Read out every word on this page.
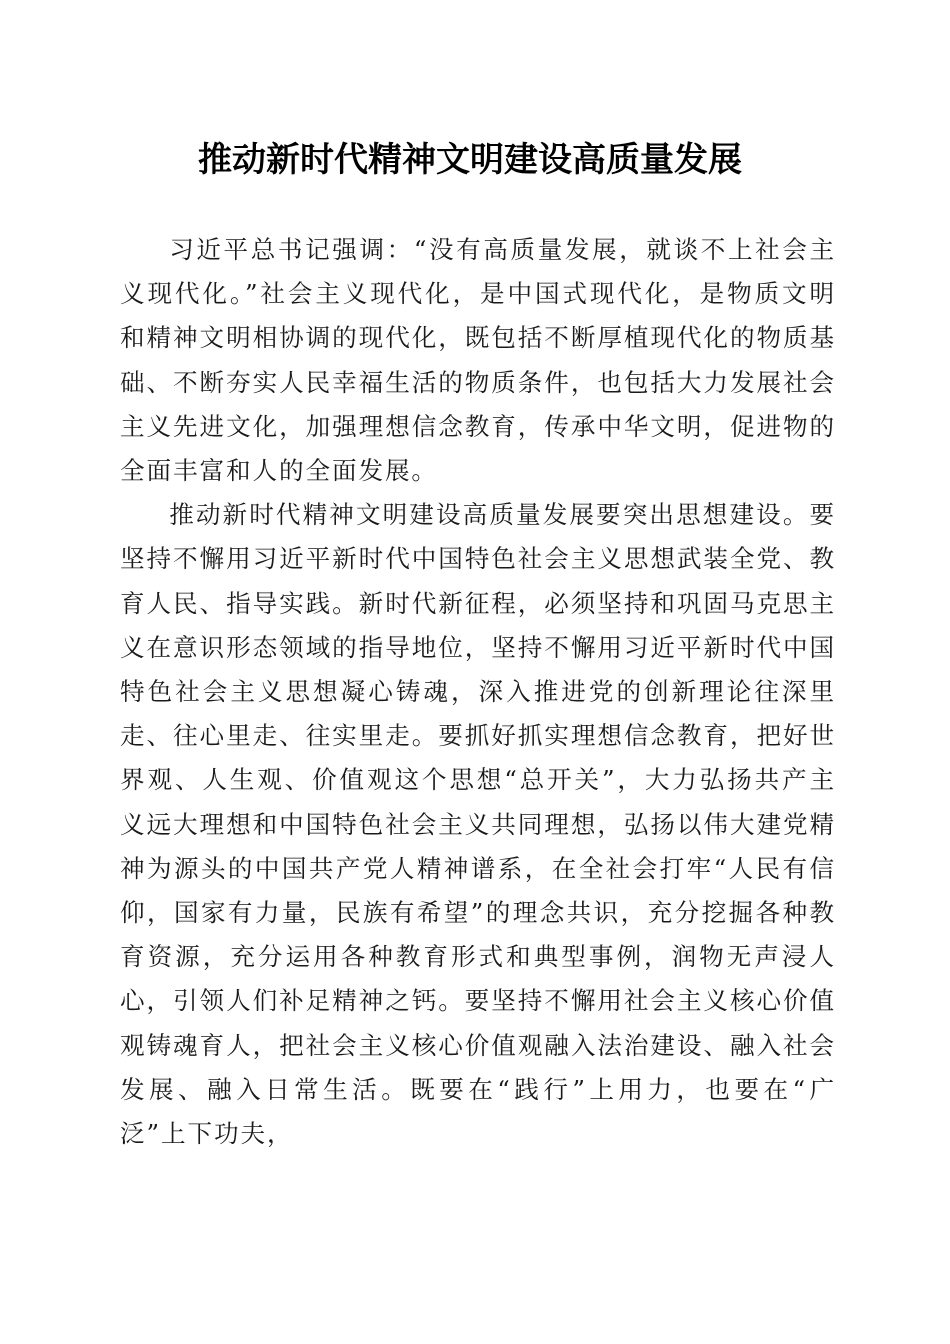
推动新时代精神文明建设高质量发展

习近平总书记强调：“没有高质量发展，就谈不上社会主义现代化。”社会主义现代化，是中国式现代化，是物质文明和精神文明相协调的现代化，既包括不断厚植现代化的物质基础、不断夯实人民幸福生活的物质条件，也包括大力发展社会主义先进文化，加强理想信念教育，传承中华文明，促进物的全面丰富和人的全面发展。

推动新时代精神文明建设高质量发展要突出思想建设。要坚持不懈用习近平新时代中国特色社会主义思想武装全党、教育人民、指导实践。新时代新征程，必须坚持和巩固马克思主义在意识形态领域的指导地位，坚持不懈用习近平新时代中国特色社会主义思想凝心铸魂，深入推进党的创新理论往深里走、往心里走、往实里走。要抓好抓实理想信念教育，把好世界观、人生观、价值观这个思想“总开关”，大力弘扬共产主义远大理想和中国特色社会主义共同理想，弘扬以伟大建党精神为源头的中国共产党人精神谱系，在全社会打牢“人民有信仰，国家有力量，民族有希望”的理念共识，充分挖掘各种教育资源，充分运用各种教育形式和典型事例，润物无声浸人心，引领人们补足精神之钙。要坚持不懈用社会主义核心价值观铸魂育人，把社会主义核心价值观融入法治建设、融入社会发展、融入日常生活。既要在“践行”上用力，也要在“广泛”上下功夫，
